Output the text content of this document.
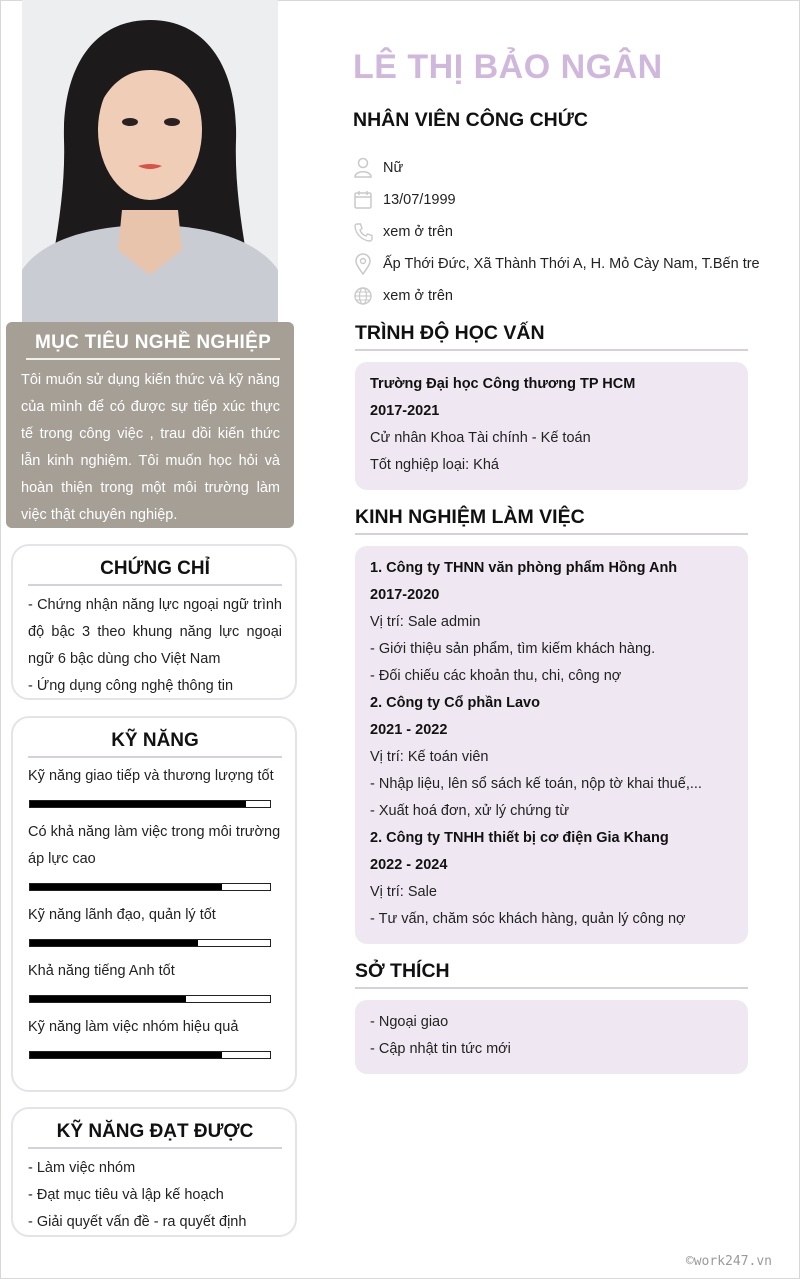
MỤC TIÊU NGHỀ NGHIỆP

Tôi muốn sử dụng kiến thức và kỹ năng của mình để có được sự tiếp xúc thực tế trong công việc , trau dồi kiến thức lẫn kinh nghiệm. Tôi muốn học hỏi và hoàn thiện trong một môi trường làm việc thật chuyên nghiệp.

CHỨNG CHỈ
- Chứng nhận năng lực ngoại ngữ trình độ bậc 3 theo khung năng lực ngoại ngữ 6 bậc dùng cho Việt Nam
- Ứng dụng công nghệ thông tin
KỸ NĂNG
Kỹ năng giao tiếp và thương lượng tốt
Có khả năng làm việc trong môi trường áp lực cao
Kỹ năng lãnh đạo, quản lý tốt
Khả năng tiếng Anh tốt
Kỹ năng làm việc nhóm hiệu quả
KỸ NĂNG ĐẠT ĐƯỢC
- Làm việc nhóm
- Đạt mục tiêu và lập kế hoạch
- Giải quyết vấn đề - ra quyết định
LÊ THỊ BẢO NGÂN
NHÂN VIÊN CÔNG CHỨC
Nữ
13/07/1999
xem ở trên
Ấp Thới Đức, Xã Thành Thới A, H. Mỏ Cày Nam, T.Bến tre
xem ở trên
TRÌNH ĐỘ HỌC VẤN
Trường Đại học Công thương TP HCM
2017-2021
Cử nhân Khoa Tài chính - Kế toán
Tốt nghiệp loại: Khá
KINH NGHIỆM LÀM VIỆC
1. Công ty THNN văn phòng phẩm Hồng Anh
2017-2020
Vị trí: Sale admin
- Giới thiệu sản phẩm, tìm kiếm khách hàng.
- Đối chiếu các khoản thu, chi, công nợ
2. Công ty Cổ phần Lavo
2021 - 2022
Vị trí: Kế toán viên
- Nhập liệu, lên sổ sách kế toán, nộp tờ khai thuế,...
- Xuất hoá đơn, xử lý chứng từ
2. Công ty TNHH thiết bị cơ điện Gia Khang
2022 - 2024
Vị trí: Sale
- Tư vấn, chăm sóc khách hàng, quản lý công nợ
SỞ THÍCH
- Ngoại giao
- Cập nhật tin tức mới
©work247.vn
